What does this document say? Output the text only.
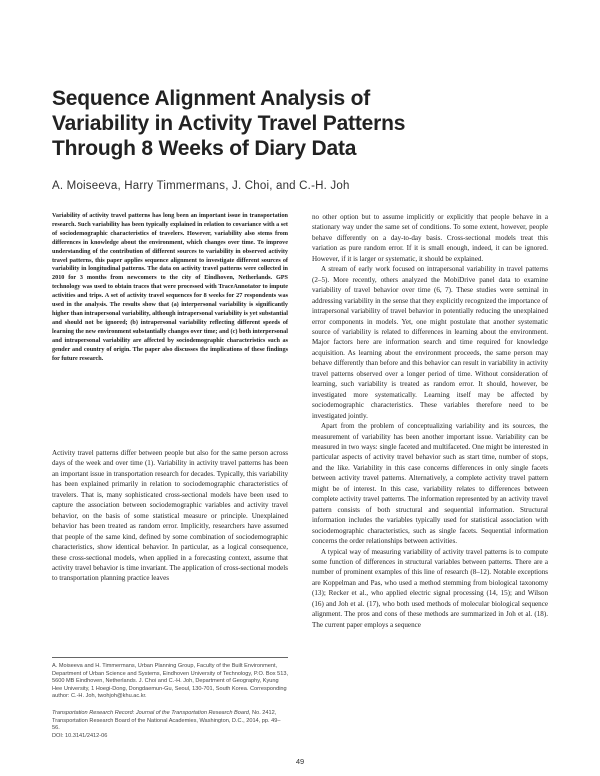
Sequence Alignment Analysis of
Variability in Activity Travel Patterns
Through 8 Weeks of Diary Data
A. Moiseeva, Harry Timmermans, J. Choi, and C.-H. Joh

Variability of activity travel patterns has long been an important issue in transportation research. Such variability has been typically explained in relation to covariance with a set of sociodemographic characteristics of travelers. However, variability also stems from differences in knowledge about the environment, which changes over time. To improve understanding of the contribution of different sources to variability in observed activity travel patterns, this paper applies sequence alignment to investigate different sources of variability in longitudinal patterns. The data on activity travel patterns were collected in 2010 for 3 months from newcomers to the city of Eindhoven, Netherlands. GPS technology was used to obtain traces that were processed with TraceAnnotator to impute activities and trips. A set of activity travel sequences for 8 weeks for 27 respondents was used in the analysis. The results show that (a) interpersonal variability is significantly higher than intrapersonal variability, although intrapersonal variability is yet substantial and should not be ignored; (b) intrapersonal variability reflecting different speeds of learning the new environment substantially changes over time; and (c) both interpersonal and intrapersonal variability are affected by sociodemographic characteristics such as gender and country of origin. The paper also discusses the implications of these findings for future research.

Activity travel patterns differ between people but also for the same person across days of the week and over time (1). Variability in activity travel patterns has been an important issue in transportation research for decades. Typically, this variability has been explained primarily in relation to sociodemographic characteristics of travelers. That is, many sophisticated cross-sectional models have been used to capture the association between sociodemographic variables and activity travel behavior, on the basis of some statistical measure or principle. Unexplained behavior has been treated as random error. Implicitly, researchers have assumed that people of the same kind, defined by some combination of sociodemographic characteristics, show identical behavior. In particular, as a logical consequence, these cross-sectional models, when applied in a forecasting context, assume that activity travel behavior is time invariant. The application of cross-sectional models to transportation planning practice leaves

A. Moiseeva and H. Timmermans, Urban Planning Group, Faculty of the Built Environment, Department of Urban Science and Systems, Eindhoven University of Technology, P.O. Box 513, 5600 MB Eindhoven, Netherlands. J. Choi and C.-H. Joh, Department of Geography, Kyung Hee University, 1 Hoegi-Dong, Dongdaemun-Gu, Seoul, 130-701, South Korea. Corresponding author: C.-H. Joh, twohjoh@khu.ac.kr.

Transportation Research Record: Journal of the Transportation Research Board, No. 2412, Transportation Research Board of the National Academies, Washington, D.C., 2014, pp. 49–56.
DOI: 10.3141/2412-06

no other option but to assume implicitly or explicitly that people behave in a stationary way under the same set of conditions. To some extent, however, people behave differently on a day-to-day basis. Cross-sectional models treat this variation as pure random error. If it is small enough, indeed, it can be ignored. However, if it is larger or systematic, it should be explained.

A stream of early work focused on intrapersonal variability in travel patterns (2–5). More recently, others analyzed the MobiDrive panel data to examine variability of travel behavior over time (6, 7). These studies were seminal in addressing variability in the sense that they explicitly recognized the importance of intrapersonal variability of travel behavior in potentially reducing the unexplained error components in models. Yet, one might postulate that another systematic source of variability is related to differences in learning about the environment. Major factors here are information search and time required for knowledge acquisition. As learning about the environment proceeds, the same person may behave differently than before and this behavior can result in variability in activity travel patterns observed over a longer period of time. Without consideration of learning, such variability is treated as random error. It should, however, be investigated more systematically. Learning itself may be affected by sociodemographic characteristics. These variables therefore need to be investigated jointly.

Apart from the problem of conceptualizing variability and its sources, the measurement of variability has been another important issue. Variability can be measured in two ways: single faceted and multifaceted. One might be interested in particular aspects of activity travel behavior such as start time, number of stops, and the like. Variability in this case concerns differences in only single facets between activity travel patterns. Alternatively, a complete activity travel pattern might be of interest. In this case, variability relates to differences between complete activity travel patterns. The information represented by an activity travel pattern consists of both structural and sequential information. Structural information includes the variables typically used for statistical association with sociodemographic characteristics, such as single facets. Sequential information concerns the order relationships between activities.

A typical way of measuring variability of activity travel patterns is to compute some function of differences in structural variables between patterns. There are a number of prominent examples of this line of research (8–12). Notable exceptions are Koppelman and Pas, who used a method stemming from biological taxonomy (13); Recker et al., who applied electric signal processing (14, 15); and Wilson (16) and Joh et al. (17), who both used methods of molecular biological sequence alignment. The pros and cons of these methods are summarized in Joh et al. (18). The current paper employs a sequence

49
